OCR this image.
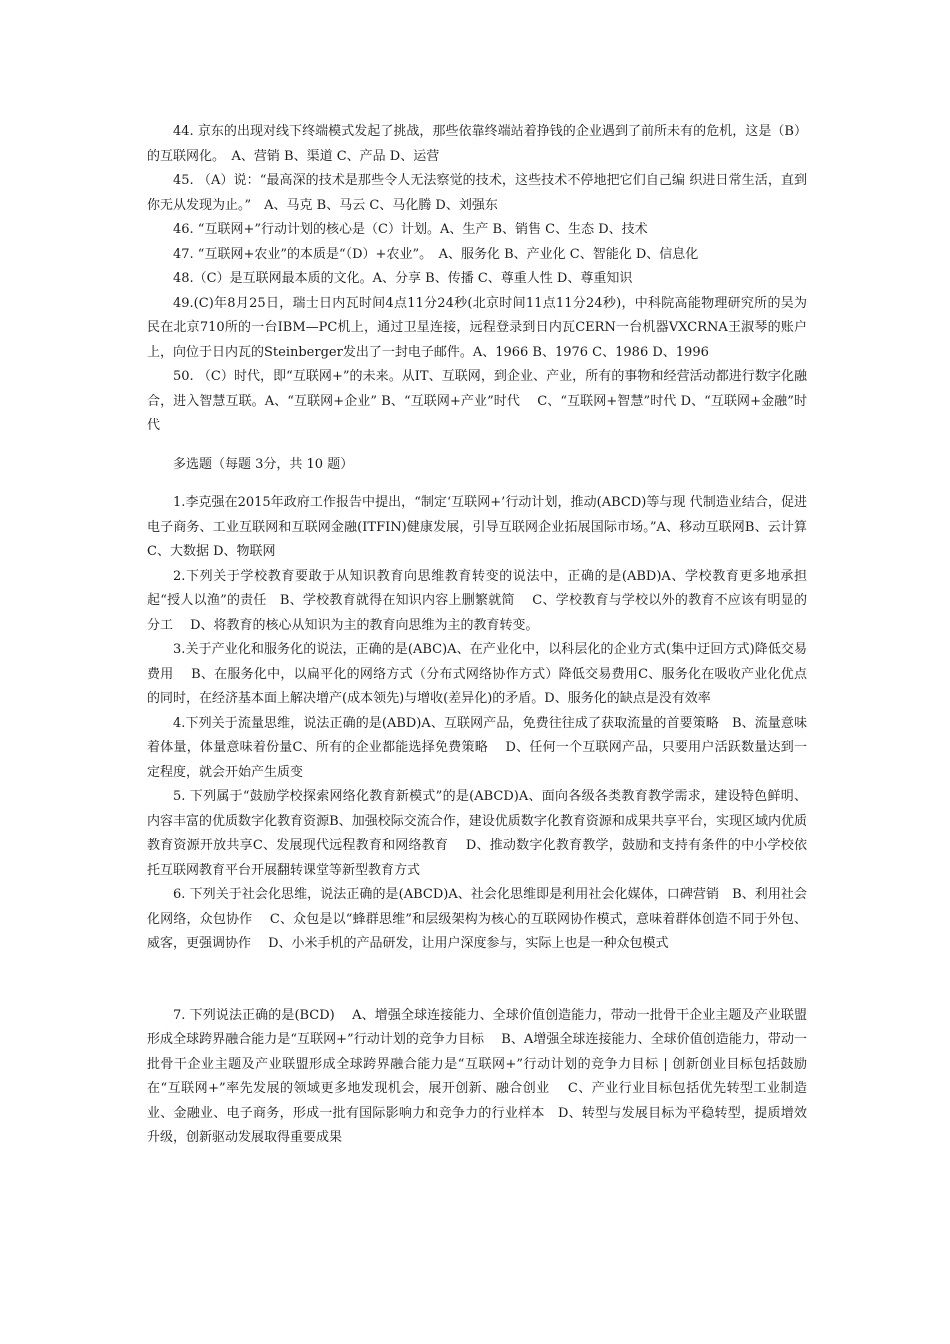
44. 京东的出现对线下终端模式发起了挑战，那些依靠终端站着挣钱的企业遇到了前所未有的危机，这是（B）的互联网化。　A、营销 B、渠道 C、产品 D、运营

45. （A）说：“最高深的技术是那些令人无法察觉的技术，这些技术不停地把它们自己编 织进日常生活，直到你无从发现为止。”　A、马克 B、马云 C、马化腾 D、刘强东

46. “互联网+”行动计划的核心是（C）计划。A、生产 B、销售 C、生态 D、技术

47. “互联网+农业”的本质是“（D）+农业”。　A、服务化 B、产业化 C、智能化 D、信息化

48.（C）是互联网最本质的文化。A、分享 B、传播 C、尊重人性 D、尊重知识

49.(C)年8月25日，瑞士日内瓦时间4点11分24秒(北京时间11点11分24秒)，中科院高能物理研究所的吴为民在北京710所的一台IBM—PC机上，通过卫星连接，远程登录到日内瓦CERN一台机器VXCRNA王淑琴的账户上，向位于日内瓦的Steinberger发出了一封电子邮件。A、1966 B、1976 C、1986 D、1996

50. （C）时代，即“互联网+”的未来。从IT、互联网，到企业、产业，所有的事物和经营活动都进行数字化融合，进入智慧互联。A、“互联网+企业” B、“互联网+产业”时代　 C、“互联网+智慧”时代 D、“互联网+金融”时代

多选题（每题 3分，共 10 题）

1.李克强在2015年政府工作报告中提出，“制定‘互联网+’行动计划，推动(ABCD)等与现 代制造业结合，促进电子商务、工业互联网和互联网金融(ITFIN)健康发展，引导互联网企业拓展国际市场。”A、移动互联网B、云计算 C、大数据 D、物联网

2.下列关于学校教育要敢于从知识教育向思维教育转变的说法中，正确的是(ABD)A、学校教育更多地承担起“授人以渔”的责任　B、学校教育就得在知识内容上删繁就简　 C、学校教育与学校以外的教育不应该有明显的分工　 D、将教育的核心从知识为主的教育向思维为主的教育转变。

3.关于产业化和服务化的说法，正确的是(ABC)A、在产业化中，以科层化的企业方式(集中迂回方式)降低交易费用　 B、在服务化中，以扁平化的网络方式（分布式网络协作方式）降低交易费用C、服务化在吸收产业化优点的同时，在经济基本面上解决增产(成本领先)与增收(差异化)的矛盾。D、服务化的缺点是没有效率

4.下列关于流量思维，说法正确的是(ABD)A、互联网产品，免费往往成了获取流量的首要策略　B、流量意味着体量，体量意味着份量C、所有的企业都能选择免费策略　 D、任何一个互联网产品，只要用户活跃数量达到一定程度，就会开始产生质变

5. 下列属于“鼓励学校探索网络化教育新模式”的是(ABCD)A、面向各级各类教育教学需求，建设特色鲜明、内容丰富的优质数字化教育资源B、加强校际交流合作，建设优质数字化教育资源和成果共享平台，实现区域内优质教育资源开放共享C、发展现代远程教育和网络教育　 D、推动数字化教育教学，鼓励和支持有条件的中小学校依托互联网教育平台开展翻转课堂等新型教育方式

6. 下列关于社会化思维，说法正确的是(ABCD)A、社会化思维即是利用社会化媒体，口碑营销　B、利用社会化网络，众包协作　 C、众包是以“蜂群思维”和层级架构为核心的互联网协作模式，意味着群体创造不同于外包、威客，更强调协作　 D、小米手机的产品研发，让用户深度参与，实际上也是一种众包模式

7. 下列说法正确的是(BCD)　 A、增强全球连接能力、全球价值创造能力，带动一批骨干企业主题及产业联盟形成全球跨界融合能力是“互联网+”行动计划的竞争力目标　 B、A增强全球连接能力、全球价值创造能力，带动一批骨干企业主题及产业联盟形成全球跨界融合能力是“互联网+”行动计划的竞争力目标 | 创新创业目标包括鼓励在“互联网+”率先发展的领域更多地发现机会，展开创新、融合创业　 C、产业行业目标包括优先转型工业制造业、金融业、电子商务，形成一批有国际影响力和竞争力的行业样本　D、转型与发展目标为平稳转型，提质增效升级，创新驱动发展取得重要成果
